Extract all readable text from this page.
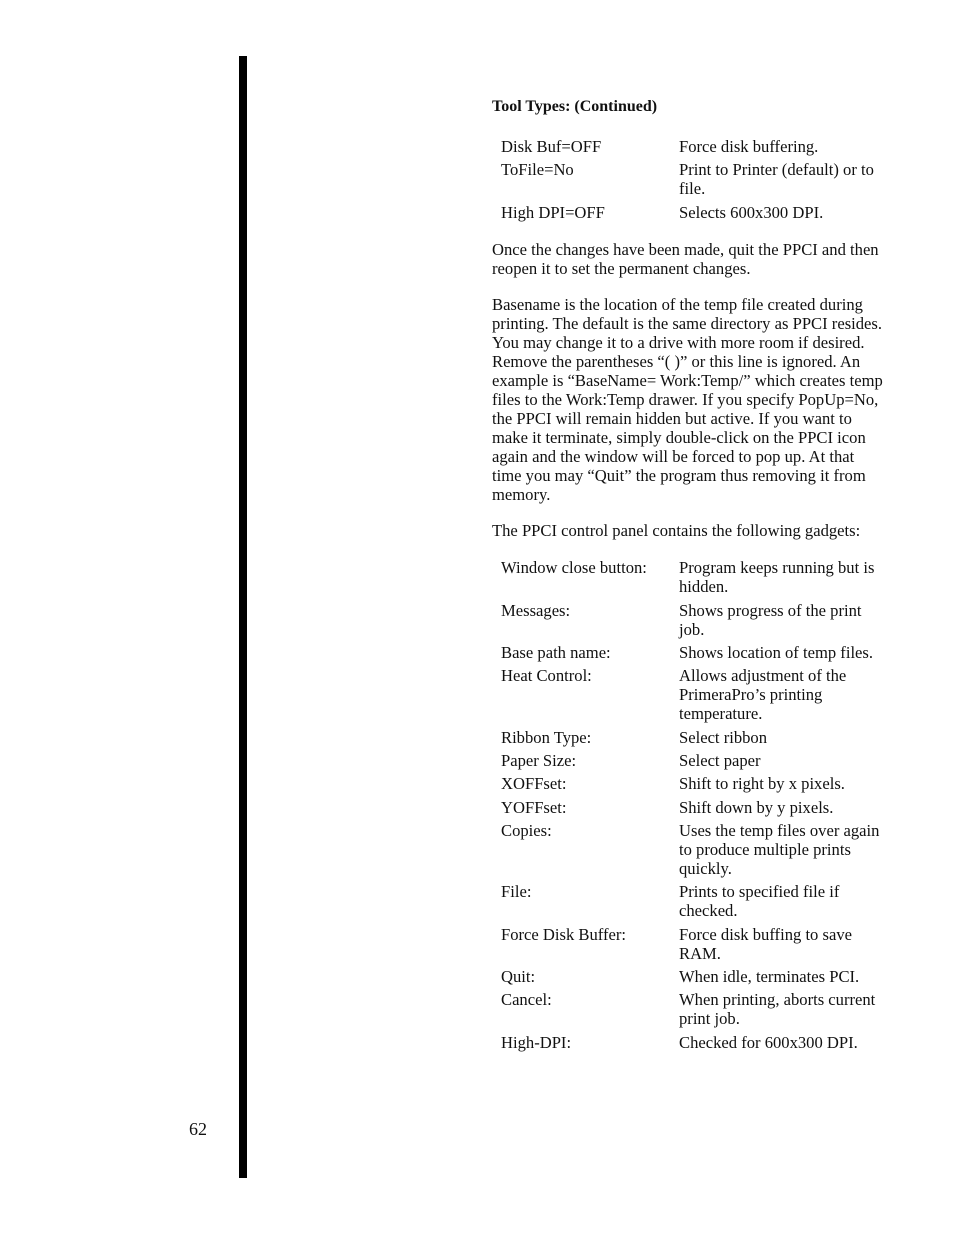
62

Tool Types: (Continued)

Disk Buf=OFF	Force disk buffering.
ToFile=No	Print to Printer (default) or to file.
High DPI=OFF	Selects 600x300 DPI.

Once the changes have been made, quit the PPCI and then reopen it to set the permanent changes.

Basename is the location of the temp file created during printing. The default is the same directory as PPCI resides. You may change it to a drive with more room if desired. Remove the parentheses “( )” or this line is ignored. An example is “BaseName= Work:Temp/” which creates temp files to the Work:Temp drawer. If you specify PopUp=No, the PPCI will remain hidden but active. If you want to make it terminate, simply double-click on the PPCI icon again and the window will be forced to pop up. At that time you may “Quit” the program thus removing it from memory.

The PPCI control panel contains the following gadgets:

Window close button:	Program keeps running but is hidden.
Messages:	Shows progress of the print job.
Base path name:	Shows location of temp files.
Heat Control:	Allows adjustment of the PrimeraPro’s printing temperature.
Ribbon Type:	Select ribbon
Paper Size:	Select paper
XOFFset:	Shift to right by x pixels.
YOFFset:	Shift down by y pixels.
Copies:	Uses the temp files over again to produce multiple prints quickly.
File:	Prints to specified file if checked.
Force Disk Buffer:	Force disk buffing to save RAM.
Quit:	When idle, terminates PCI.
Cancel:	When printing, aborts current print job.
High-DPI:	Checked for 600x300 DPI.
